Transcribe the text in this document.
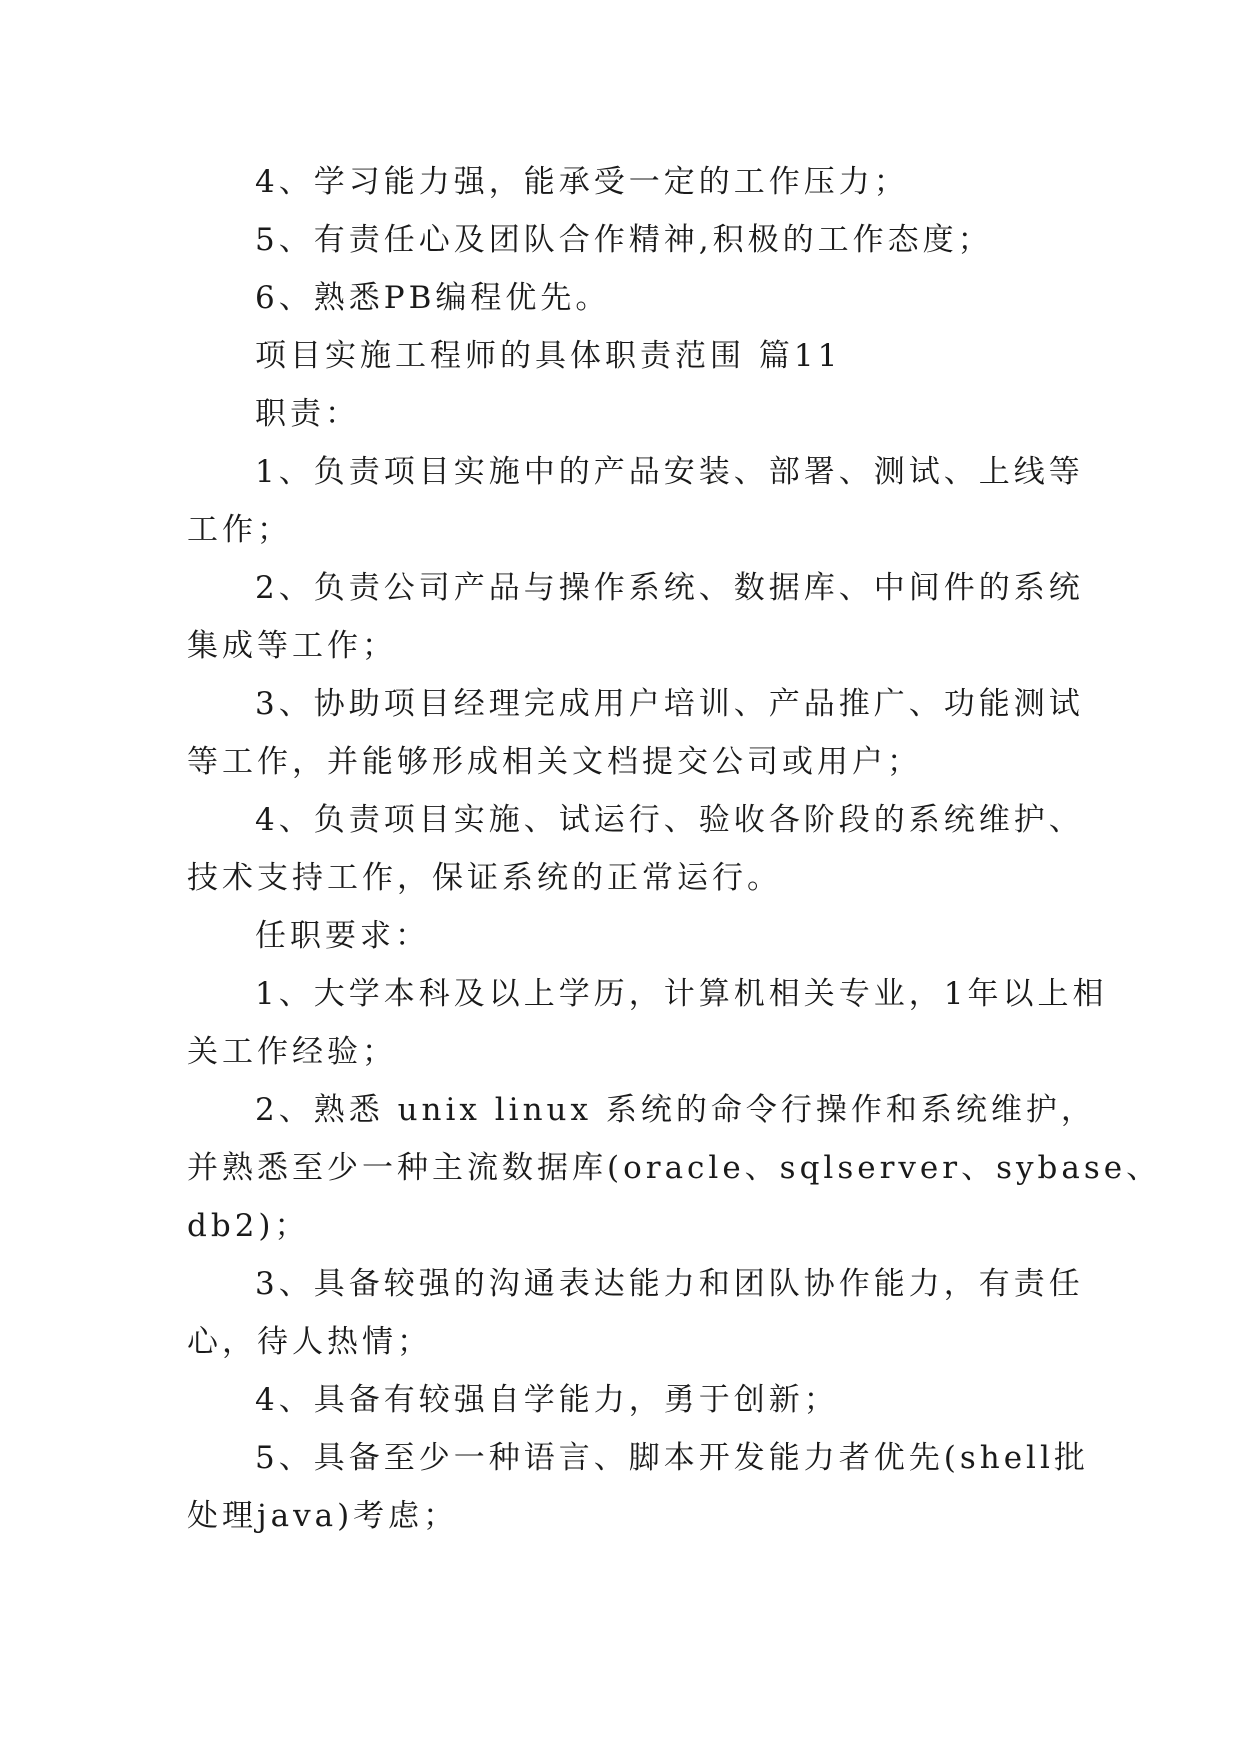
4、学习能力强，能承受一定的工作压力；

5、有责任心及团队合作精神,积极的工作态度；

6、熟悉PB编程优先。

项目实施工程师的具体职责范围 篇11

职责：

1、负责项目实施中的产品安装、部署、测试、上线等

工作；

2、负责公司产品与操作系统、数据库、中间件的系统

集成等工作；

3、协助项目经理完成用户培训、产品推广、功能测试

等工作，并能够形成相关文档提交公司或用户；

4、负责项目实施、试运行、验收各阶段的系统维护、

技术支持工作，保证系统的正常运行。

任职要求：

1、大学本科及以上学历，计算机相关专业，1年以上相

关工作经验；

2、熟悉 unix linux 系统的命令行操作和系统维护，

并熟悉至少一种主流数据库(oracle、sqlserver、sybase、

db2)；

3、具备较强的沟通表达能力和团队协作能力，有责任

心，待人热情；

4、具备有较强自学能力，勇于创新；

5、具备至少一种语言、脚本开发能力者优先(shell批

处理java)考虑；
